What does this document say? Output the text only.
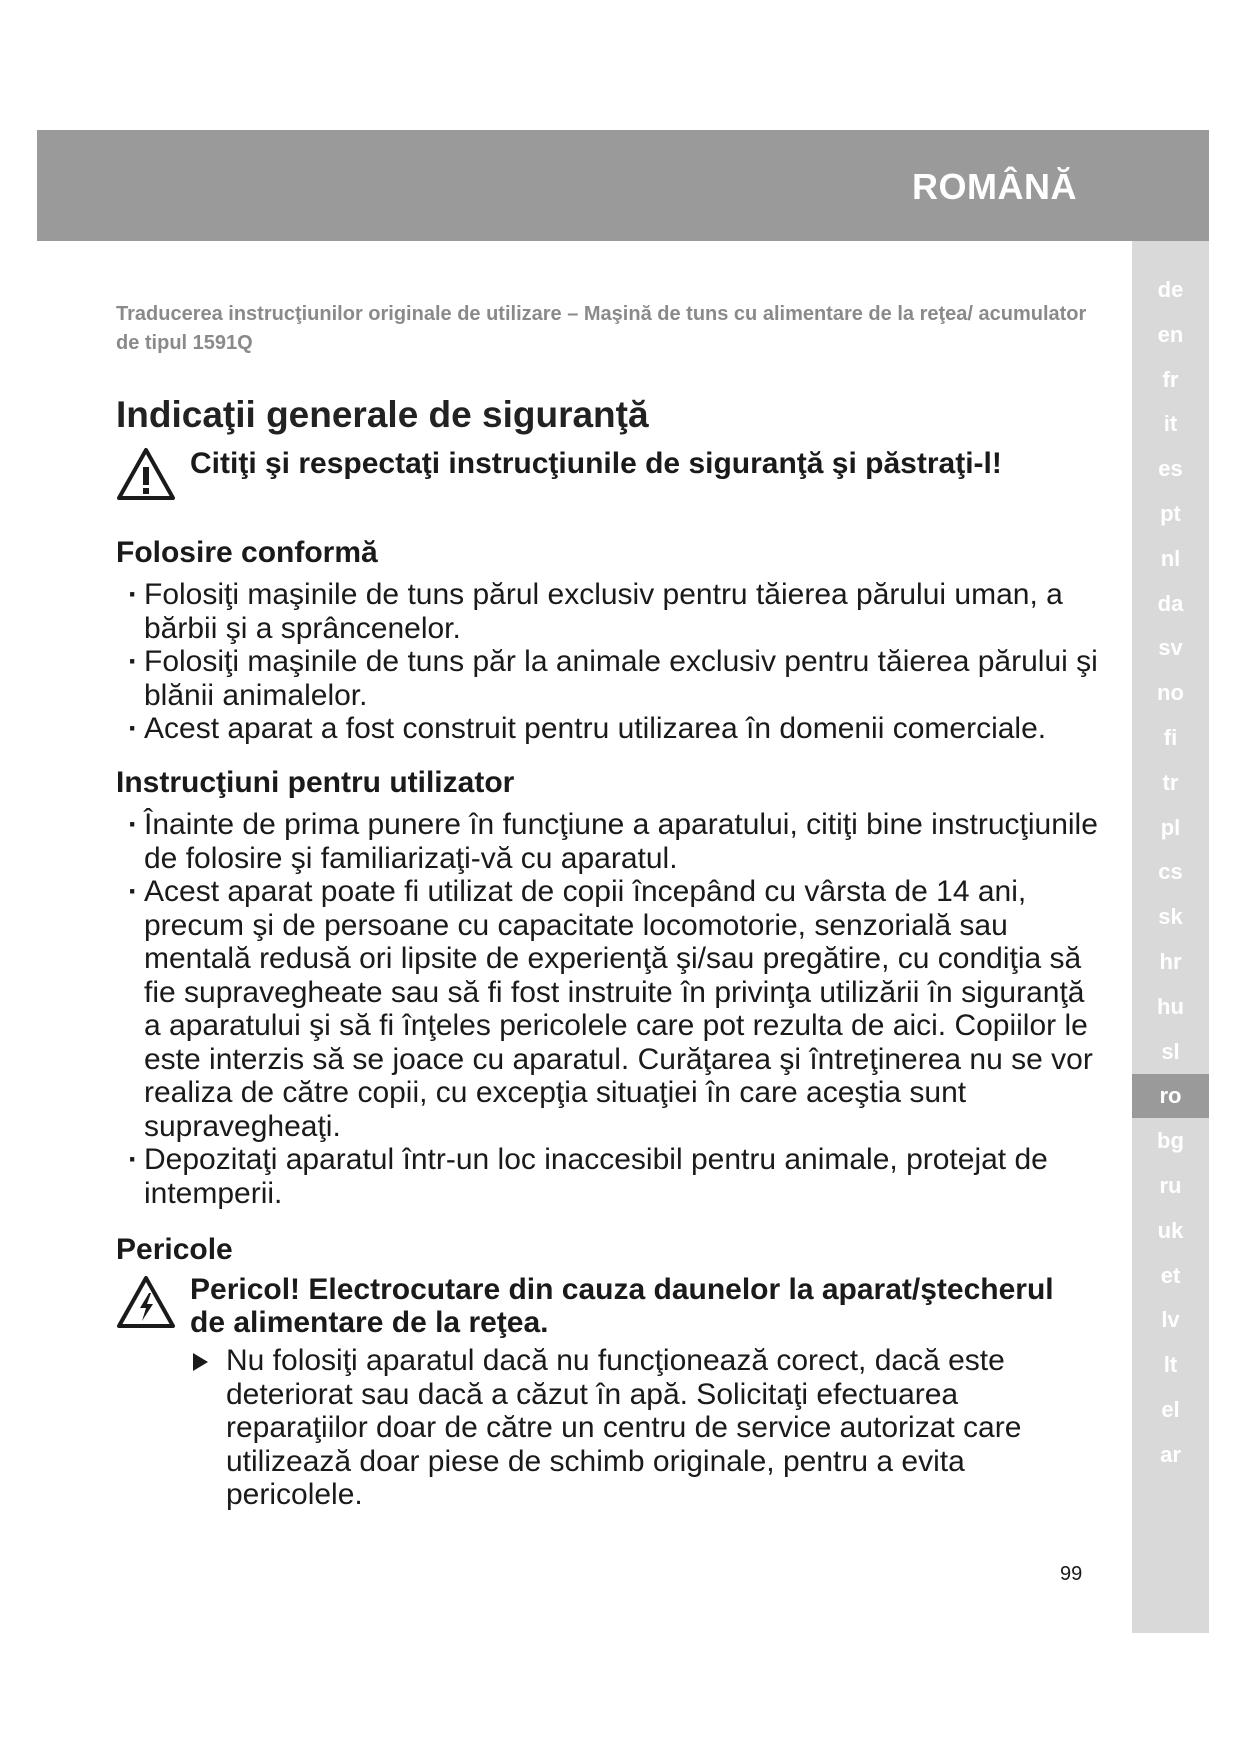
ROMÂNĂ
de
en
fr
it
es
pt
nl
da
sv
no
fi
tr
pl
cs
sk
hr
hu
sl
ro
bg
ru
uk
et
lv
lt
el
ar
Traducerea instrucţiunilor originale de utilizare – Maşină de tuns cu alimentare de la reţea/ acumulator de tipul 1591Q
Indicaţii generale de siguranţă
Citiţi şi respectaţi instrucţiunile de siguranţă şi păstraţi-l!
Folosire conformă
· Folosiţi maşinile de tuns părul exclusiv pentru tăierea părului uman, a bărbii şi a sprâncenelor.
· Folosiţi maşinile de tuns păr la animale exclusiv pentru tăierea părului şi blănii animalelor.
· Acest aparat a fost construit pentru utilizarea în domenii comerciale.
Instrucţiuni pentru utilizator
· Înainte de prima punere în funcţiune a aparatului, citiţi bine instrucţiunile de folosire şi familiarizaţi-vă cu aparatul.
· Acest aparat poate fi utilizat de copii începând cu vârsta de 14 ani, precum şi de persoane cu capacitate locomotorie, senzorială sau mentală redusă ori lipsite de experienţă şi/sau pregătire, cu condiţia să fie supravegheate sau să fi fost instruite în privinţa utilizării în siguranţă a aparatului şi să fi înţeles pericolele care pot rezulta de aici. Copiilor le este interzis să se joace cu aparatul. Curăţarea şi întreţinerea nu se vor realiza de către copii, cu excepţia situaţiei în care aceştia sunt supravegheaţi.
· Depozitaţi aparatul într-un loc inaccesibil pentru animale, protejat de intemperii.
Pericole
Pericol! Electrocutare din cauza daunelor la aparat/ştecherul de alimentare de la reţea.
Nu folosiţi aparatul dacă nu funcţionează corect, dacă este deteriorat sau dacă a căzut în apă. Solicitaţi efectuarea reparaţiilor doar de către un centru de service autorizat care utilizează doar piese de schimb originale, pentru a evita pericolele.
99
